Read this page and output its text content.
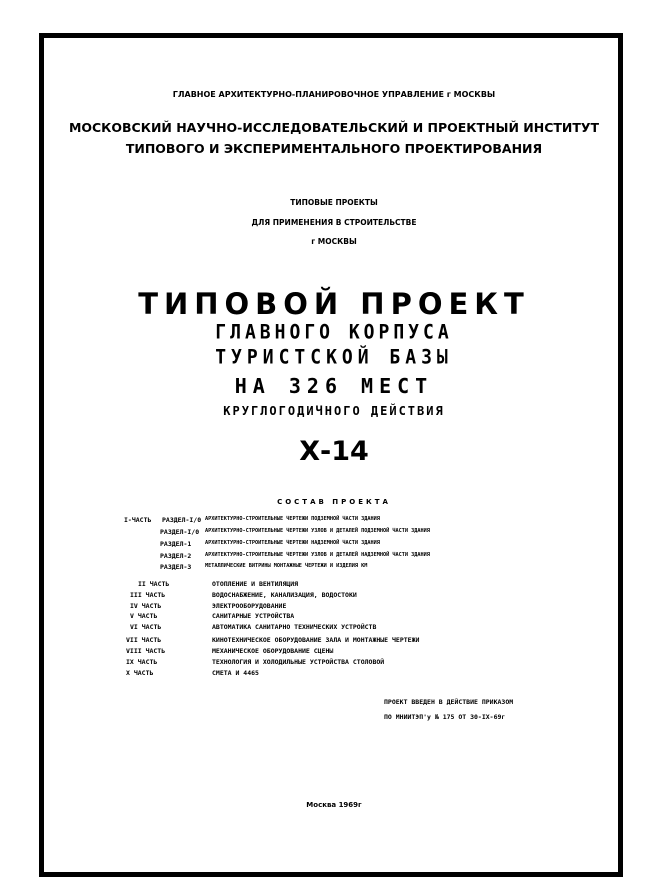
ГЛАВНОЕ АРХИТЕКТУРНО-ПЛАНИРОВОЧНОЕ УПРАВЛЕНИЕ г МОСКВЫ
МОСКОВСКИЙ НАУЧНО-ИССЛЕДОВАТЕЛЬСКИЙ И ПРОЕКТНЫЙ ИНСТИТУТ
ТИПОВОГО И ЭКСПЕРИМЕНТАЛЬНОГО ПРОЕКТИРОВАНИЯ
ТИПОВЫЕ ПРОЕКТЫ
ДЛЯ ПРИМЕНЕНИЯ В СТРОИТЕЛЬСТВЕ
г МОСКВЫ
ТИПОВОЙ ПРОЕКТ
ГЛАВНОГО КОРПУСА
ТУРИСТСКОЙ БАЗЫ
НА 326 МЕСТ
КРУГЛОГОДИЧНОГО ДЕЙСТВИЯ
Х-14
СОСТАВ ПРОЕКТА
I-ЧАСТЬ РАЗДЕЛ-I/0 АРХИТЕКТУРНО-СТРОИТЕЛЬНЫЕ ЧЕРТЕЖИ ПОДЗЕМНОЙ ЧАСТИ ЗДАНИЯ
РАЗДЕЛ-I/0 АРХИТЕКТУРНО-СТРОИТЕЛЬНЫЕ ЧЕРТЕЖИ УЗЛОВ И ДЕТАЛЕЙ ПОДЗЕМНОЙ ЧАСТИ ЗДАНИЯ
РАЗДЕЛ-1	АРХИТЕКТУРНО-СТРОИТЕЛЬНЫЕ ЧЕРТЕЖИ НАДЗЕМНОЙ ЧАСТИ ЗДАНИЯ
РАЗДЕЛ-2	АРХИТЕКТУРНО-СТРОИТЕЛЬНЫЕ ЧЕРТЕЖИ УЗЛОВ И ДЕТАЛЕЙ НАДЗЕМНОЙ ЧАСТИ ЗДАНИЯ
РАЗДЕЛ-3	МЕТАЛЛИЧЕСКИЕ ВИТРИНЫ МОНТАЖНЫЕ ЧЕРТЕЖИ И ИЗДЕЛИЯ КМ
II ЧАСТЬ	ОТОПЛЕНИЕ И ВЕНТИЛЯЦИЯ
III ЧАСТЬ	ВОДОСНАБЖЕНИЕ, КАНАЛИЗАЦИЯ, ВОДОСТОКИ
IV ЧАСТЬ	ЭЛЕКТРООБОРУДОВАНИЕ
V ЧАСТЬ	САНИТАРНЫЕ УСТРОЙСТВА
VI ЧАСТЬ	АВТОМАТИКА САНИТАРНО ТЕХНИЧЕСКИХ УСТРОЙСТВ
VII ЧАСТЬ	КИНОТЕХНИЧЕСКОЕ ОБОРУДОВАНИЕ ЗАЛА И МОНТАЖНЫЕ ЧЕРТЕЖИ
VIII ЧАСТЬ	МЕХАНИЧЕСКОЕ ОБОРУДОВАНИЕ СЦЕНЫ
IX ЧАСТЬ	ТЕХНОЛОГИЯ И ХОЛОДИЛЬНЫЕ УСТРОЙСТВА СТОЛОВОЙ
X ЧАСТЬ	СМЕТА И 4465
ПРОЕКТ ВВЕДЕН В ДЕЙСТВИЕ ПРИКАЗОМ
ПО МНИИТЭП'у № 175 ОТ 30-IX-69г
Москва 1969г
